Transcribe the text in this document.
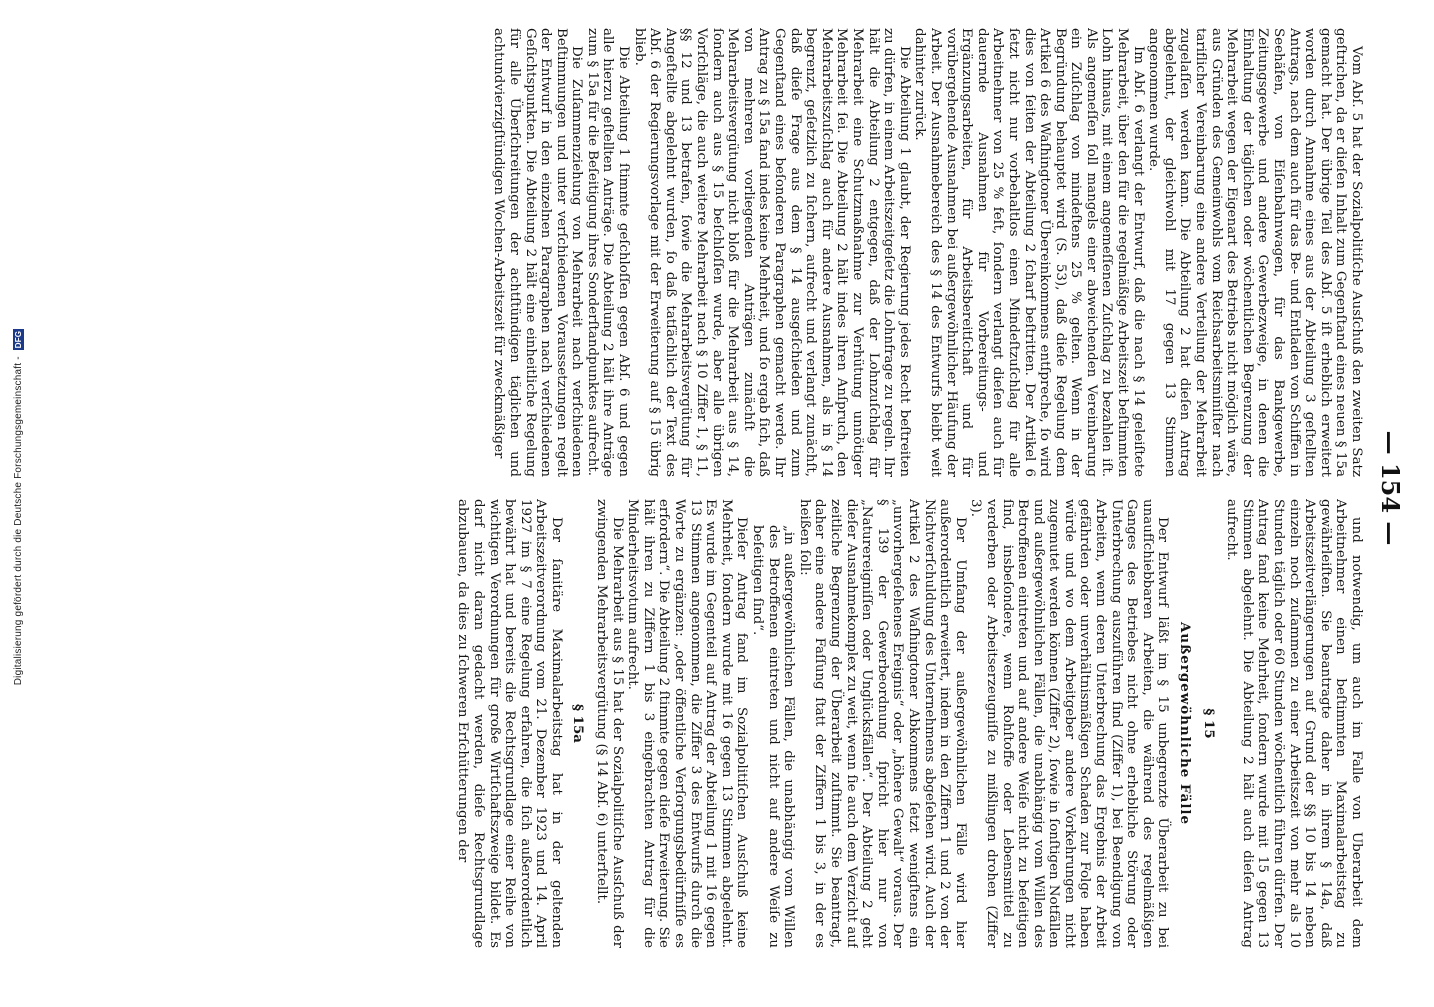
Digitalisierung gefördert durch die Deutsche Forschungsgemeinschaft -
DFG
— 154 —

Vom Abſ. 5 hat der Sozialpolitiſche Ausſchuß den zweiten Satz geſtrichen, da er dieſen Inhalt zum Gegenſtand eines neuen § 15a gemacht hat. Der übrige Teil des Abſ. 5 iſt erheblich erweitert worden durch Annahme eines aus der Abteilung 3 geſtellten Antrags, nach dem auch für das Be- und Entladen von Schiffen in Seehäfen, von Eiſenbahnwagen, für das Bankgewerbe, Zeitungsgewerbe und andere Gewerbezweige, in denen die Einhaltung der täglichen oder wöchentlichen Begrenzung der Mehrarbeit wegen der Eigenart des Betriebs nicht möglich wäre, aus Gründen des Gemeinwohls vom Reichsarbeitsminiſter nach tariflicher Vereinbarung eine andere Verteilung der Mehrarbeit zugelaſſen werden kann. Die Abteilung 2 hat dieſen Antrag abgelehnt, der gleichwohl mit 17 gegen 13 Stimmen angenommen wurde.

Im Abſ. 6 verlangt der Entwurf, daß die nach § 14 geleiſtete Mehrarbeit, über den für die regelmäßige Arbeitszeit beſtimmten Lohn hinaus, mit einem angemeſſenen Zuſchlag zu bezahlen iſt. Als angemeſſen ſoll mangels einer abweichenden Vereinbarung ein Zuſchlag von mindeſtens 25 % gelten. Wenn in der Begründung behauptet wird (S. 53), daß dieſe Regelung dem Artikel 6 des Waſhingtoner Übereinkommens entſpreche, ſo wird dies von ſeiten der Abteilung 2 ſcharf beſtritten. Der Artikel 6 ſetzt nicht nur vorbehaltlos einen Mindeſtzuſchlag für alle Arbeitnehmer von 25 % feſt, ſondern verlangt dieſen auch für dauernde Ausnahmen für Vorbereitungs- und Ergänzungsarbeiten, für Arbeitsbereitſchaft und für vorübergehende Ausnahmen bei außergewöhnlicher Häufung der Arbeit. Der Ausnahmebereich des § 14 des Entwurfs bleibt weit dahinter zurück.

Die Abteilung 1 glaubt, der Regierung jedes Recht beſtreiten zu dürfen, in einem Arbeitszeitgeſetz die Lohnfrage zu regeln. Ihr hält die Abteilung 2 entgegen, daß der Lohnzuſchlag für Mehrarbeit eine Schutzmaßnahme zur Verhütung unnötiger Mehrarbeit ſei. Die Abteilung 2 hält indes ihren Anſpruch, den Mehrarbeitszuſchlag auch für andere Ausnahmen, als in § 14 begrenzt, geſetzlich zu ſichern, aufrecht und verlangt zunächſt, daß dieſe Frage aus dem § 14 ausgeſchieden und zum Gegenſtand eines beſonderen Paragraphen gemacht werde. Ihr Antrag zu § 15a fand indes keine Mehrheit, und ſo ergab ſich, daß von mehreren vorliegenden Anträgen zunächſt die Mehrarbeitsvergütung nicht bloß für die Mehrarbeit aus § 14, ſondern auch aus § 15 beſchloſſen wurde, aber alle übrigen Vorſchläge, die auch weitere Mehrarbeit nach § 10 Ziffer 1, § 11, §§ 12 und 13 betrafen, ſowie die Mehrarbeitsvergütung für Angeſtellte abgelehnt wurden, ſo daß tatſächlich der Text des Abſ. 6 der Regierungsvorlage mit der Erweiterung auf § 15 übrig blieb.

Die Abteilung 1 ſtimmte geſchloſſen gegen Abſ. 6 und gegen alle hierzu geſtellten Anträge. Die Abteilung 2 hält ihre Anträge zum § 15a für die Beſeitigung ihres Sonderſtandpunktes aufrecht.

Die Zuſammenziehung von Mehrarbeit nach verſchiedenen Beſtimmungen und unter verſchiedenen Voraussetzungen regelt der Entwurf in den einzelnen Paragraphen nach verſchiedenen Geſichtspunkten. Die Abteilung 2 hält eine einheitliche Regelung für alle Überſchreitungen der achtſtündigen täglichen und achtundvierzigſtündigen Wochen-Arbeitszeit für zweckmäßiger

und notwendig, um auch im Falle von Überarbeit dem Arbeitnehmer einen beſtimmten Maximalarbeitstag zu gewährleiſten. Sie beantragte daher in ihrem § 14a, daß Arbeitszeitverlängerungen auf Grund der §§ 10 bis 14 neben einzeln noch zuſammen zu einer Arbeitszeit von mehr als 10 Stunden täglich oder 60 Stunden wöchentlich führen dürfen. Der Antrag fand keine Mehrheit, ſondern wurde mit 15 gegen 13 Stimmen abgelehnt. Die Abteilung 2 hält auch dieſen Antrag aufrecht.

§ 15

Außergewöhnliche Fälle

Der Entwurf läßt im § 15 unbegrenzte Überarbeit zu bei unaufſchiebbaren Arbeiten, die während des regelmäßigen Ganges des Betriebes nicht ohne erhebliche Störung oder Unterbrechung auszuführen ſind (Ziffer 1), bei Beendigung von Arbeiten, wenn deren Unterbrechung das Ergebnis der Arbeit gefährden oder unverhältnismäßigen Schaden zur Folge haben würde und wo dem Arbeitgeber andere Vorkehrungen nicht zugemutet werden können (Ziffer 2), ſowie in ſonſtigen Notfällen und außergewöhnlichen Fällen, die unabhängig vom Willen des Betroffenen eintreten und auf andere Weiſe nicht zu beſeitigen ſind, insbeſondere, wenn Rohſtoffe oder Lebensmittel zu verderben oder Arbeitserzeugniſſe zu mißlingen drohen (Ziffer 3).

Der Umfang der außergewöhnlichen Fälle wird hier außerordentlich erweitert, indem in den Ziffern 1 und 2 von der Nichtverſchuldung des Unternehmens abgeſehen wird. Auch der Artikel 2 des Waſhingtoner Abkommens ſetzt wenigſtens ein „unvorhergeſehenes Ereignis“ oder „höhere Gewalt“ voraus. Der § 139 der Gewerbeordnung ſpricht hier nur von „Naturereigniſſen oder Unglücksfällen“. Der Abteilung 2 geht dieſer Ausnahmekomplex zu weit, wenn ſie auch dem Verzicht auf zeitliche Begrenzung der Überarbeit zuſtimmt. Sie beantragt, daher eine andere Faſſung ſtatt der Ziffern 1 bis 3, in der es heißen ſoll:

„in außergewöhnlichen Fällen, die unabhängig vom Willen des Betroffenen eintreten und nicht auf andere Weiſe zu beſeitigen ſind“.

Dieſer Antrag fand im Sozialpolitiſchen Ausſchuß keine Mehrheit, ſondern wurde mit 16 gegen 13 Stimmen abgelehnt. Es wurde im Gegenteil auf Antrag der Abteilung 1 mit 16 gegen 13 Stimmen angenommen, die Ziffer 3 des Entwurfs durch die Worte zu ergänzen: „oder öffentliche Verſorgungsbedürfniſſe es erfordern“. Die Abteilung 2 ſtimmte gegen dieſe Erweiterung. Sie hält ihren zu Ziffern 1 bis 3 eingebrachten Antrag für die Minderheitsvotum aufrecht.

Die Mehrarbeit aus § 15 hat der Sozialpolitiſche Ausſchuß der zwingenden Mehrarbeitsvergütung (§ 14 Abſ. 6) unterſtellt.

§ 15a

Der ſanitäre Maximalarbeitstag hat in der geltenden Arbeitszeitverordnung vom 21. Dezember 1923 und 14. April 1927 im § 7 eine Regelung erfahren, die ſich außerordentlich bewährt hat und bereits die Rechtsgrundlage einer Reihe von wichtigen Verordnungen für große Wirtſchaftszweige bildet. Es darf nicht daran gedacht werden, dieſe Rechtsgrundlage abzubauen, da dies zu ſchweren Erſchütterungen der
